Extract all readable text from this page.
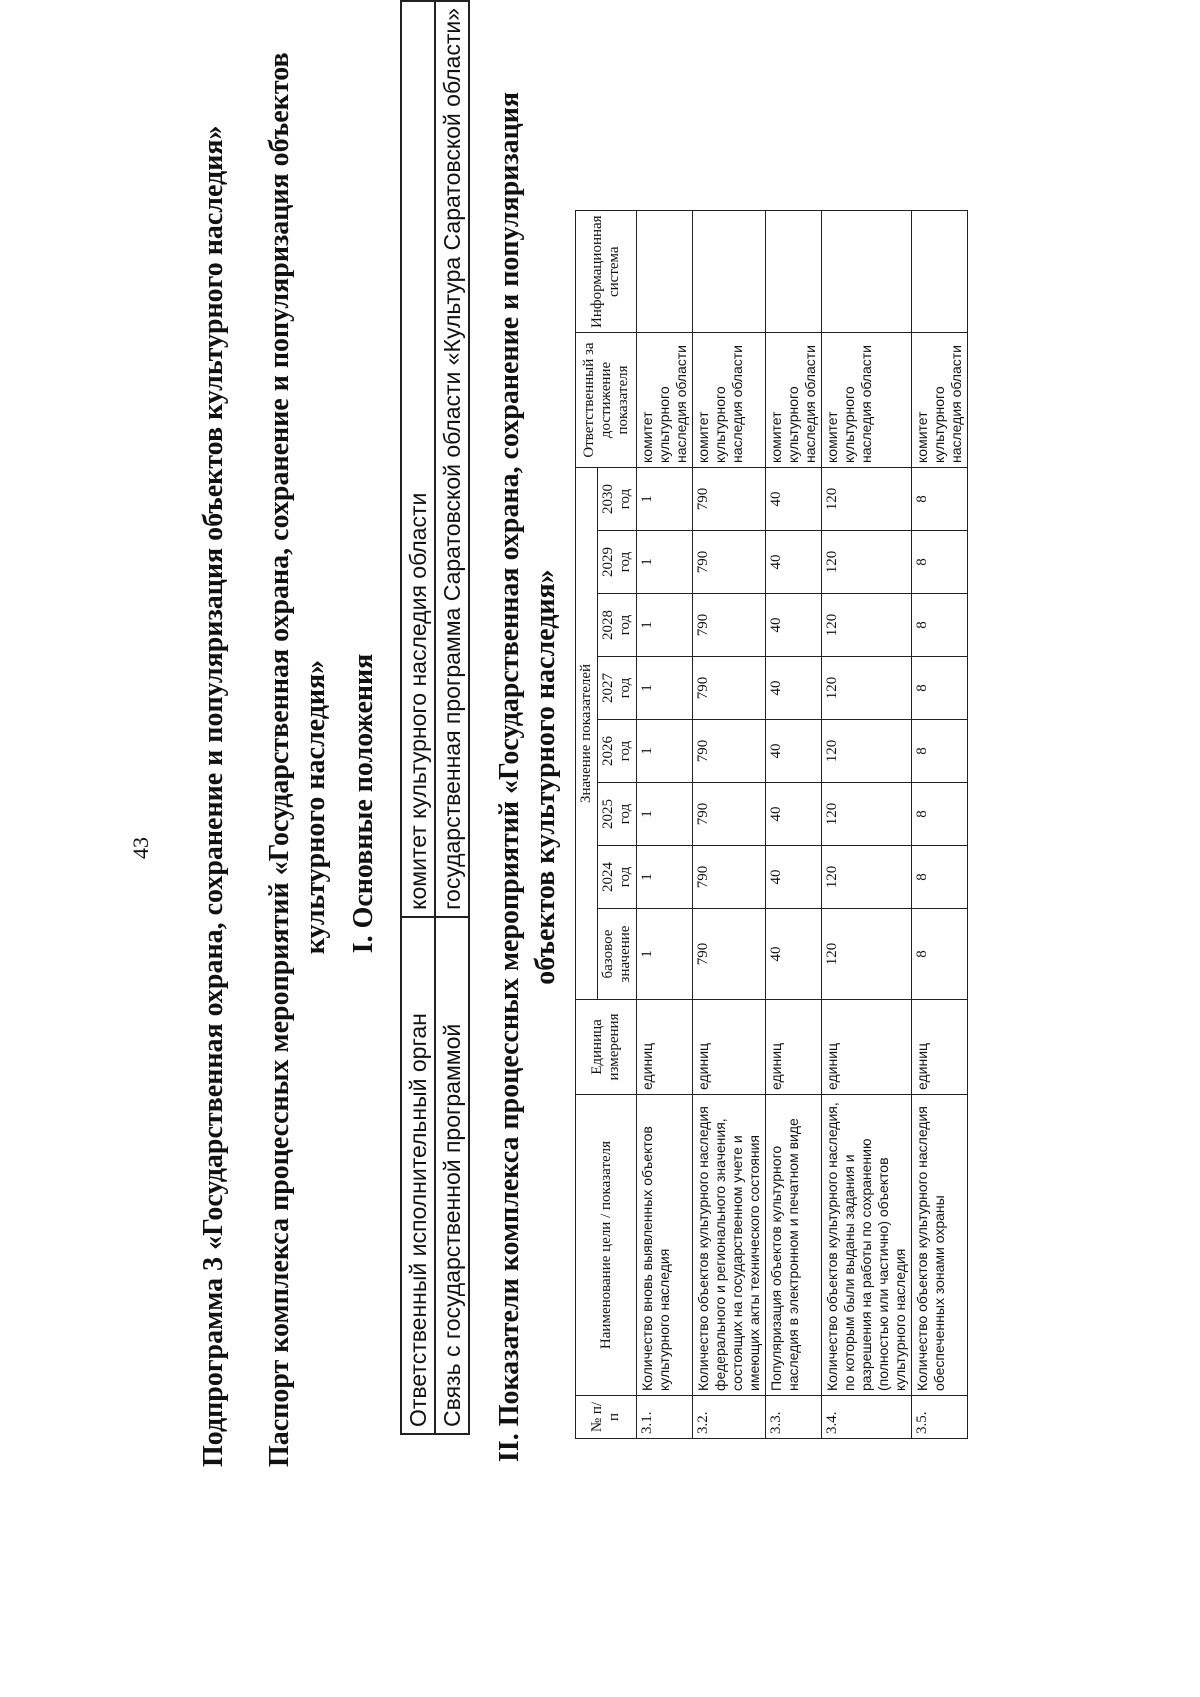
43 Подпрограмма 3 «Государственная охрана, сохранение и популяризация объектов культурного наследия» Паспорт комплекса процессных мероприятий «Государственная охрана, сохранение и популяризация объектов культурного наследия» I. Основные положения
Ответственный исполнительный орган	комитет культурного наследия области
Связь с государственной программой	государственная программа Саратовской области «Культура Саратовской области» II. Показатели комплекса процессных мероприятий «Государственная охрана, сохранение и популяризация объектов культурного наследия»
№ п/п	Наименование цели / показателя	Единица измерения	Значение показателей								Ответственный за достижение показателя	Информационная система
			базовое значение	2024 год	2025 год	2026 год	2027 год	2028 год	2029 год	2030 год		
3.1.	Количество вновь выявленных объектов культурного наследия	единиц	1	1	1	1	1	1	1	1	комитет культурного наследия области	
3.2.	Количество объектов культурного наследия федерального и регионального значения, состоящих на государственном учете и имеющих акты технического состояния	единиц	790	790	790	790	790	790	790	790	комитет культурного наследия области	
3.3.	Популяризация объектов культурного наследия в электронном и печатном виде	единиц	40	40	40	40	40	40	40	40	комитет культурного наследия области	
3.4.	Количество объектов культурного наследия, по которым были выданы задания и разрешения на работы по сохранению (полностью или частично) объектов культурного наследия	единиц	120	120	120	120	120	120	120	120	комитет культурного наследия области	
3.5.	Количество объектов культурного наследия обеспеченных зонами охраны	единиц	8	8	8	8	8	8	8	8	комитет культурного наследия области	
